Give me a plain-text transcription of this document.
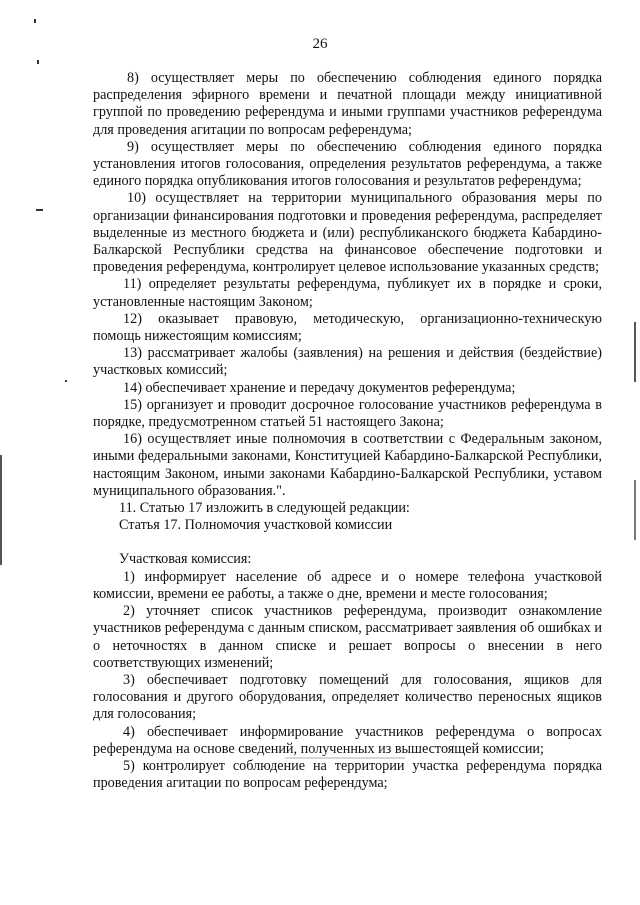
26

8) осуществляет меры по обеспечению соблюдения единого порядка распределения эфирного времени и печатной площади между инициативной группой по проведению референдума и иными группами участников референдума для проведения агитации по вопросам референдума;

9) осуществляет меры по обеспечению соблюдения единого порядка установления итогов голосования, определения результатов референдума, а также единого порядка опубликования итогов голосования и результатов референдума;

10) осуществляет на территории муниципального образования меры по организации финансирования подготовки и проведения референдума, распределяет выделенные из местного бюджета и (или) республиканского бюджета Кабардино-Балкарской Республики средства на финансовое обеспечение подготовки и проведения референдума, контролирует целевое использование указанных средств;

11) определяет результаты референдума, публикует их в порядке и сроки, установленные настоящим Законом;

12) оказывает правовую, методическую, организационно-техническую помощь нижестоящим комиссиям;

13) рассматривает жалобы (заявления) на решения и действия (бездействие) участковых комиссий;

14) обеспечивает хранение и передачу документов референдума;

15) организует и проводит досрочное голосование участников референдума в порядке, предусмотренном статьей 51 настоящего Закона;

16) осуществляет иные полномочия в соответствии с Федеральным законом, иными федеральными законами, Конституцией Кабардино-Балкарской Республики, настоящим Законом, иными законами Кабардино-Балкарской Республики, уставом муниципального образования.".

11. Статью 17 изложить в следующей редакции:

Статья 17. Полномочия участковой комиссии

Участковая комиссия:

1) информирует население об адресе и о номере телефона участковой комиссии, времени ее работы, а также о дне, времени и месте голосования;

2) уточняет список участников референдума, производит ознакомление участников референдума с данным списком, рассматривает заявления об ошибках и о неточностях в данном списке и решает вопросы о внесении в него соответствующих изменений;

3) обеспечивает подготовку помещений для голосования, ящиков для голосования и другого оборудования, определяет количество переносных ящиков для голосования;

4) обеспечивает информирование участников референдума о вопросах референдума на основе сведений, полученных из вышестоящей комиссии;

5) контролирует соблюдение на территории участка референдума порядка проведения агитации по вопросам референдума;
